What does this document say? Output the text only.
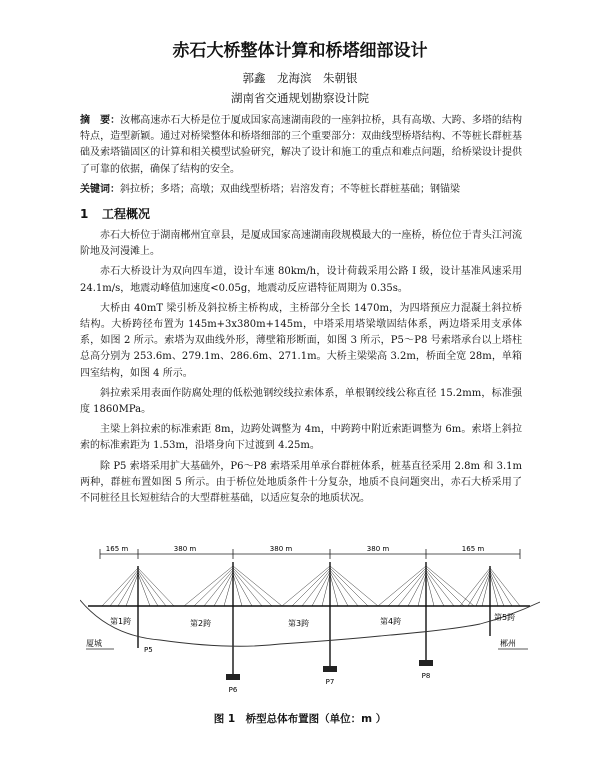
赤石大桥整体计算和桥塔细部设计
郭鑫　龙海滨　朱朝银
湖南省交通规划勘察设计院
摘　要：汝郴高速赤石大桥是位于厦成国家高速湖南段的一座斜拉桥，具有高墩、大跨、多塔的结构特点，造型新颖。通过对桥梁整体和桥塔细部的三个重要部分：双曲线型桥塔结构、不等桩长群桩基础及索塔锚固区的计算和相关模型试验研究，解决了设计和施工的重点和难点问题，给桥梁设计提供了可靠的依据，确保了结构的安全。
关键词：斜拉桥；多塔；高墩；双曲线型桥塔；岩溶发育；不等桩长群桩基础；钢锚梁
1 工程概况

赤石大桥位于湖南郴州宜章县，是厦成国家高速湖南段规模最大的一座桥，桥位位于青头江河流阶地及河漫滩上。

赤石大桥设计为双向四车道，设计车速 80km/h，设计荷载采用公路 I 级，设计基准风速采用 24.1m/s，地震动峰值加速度<0.05g，地震动反应谱特征周期为 0.35s。

大桥由 40mT 梁引桥及斜拉桥主桥构成，主桥部分全长 1470m，为四塔预应力混凝土斜拉桥结构。大桥跨径布置为 145m+3x380m+145m，中塔采用塔梁墩固结体系，两边塔采用支承体系，如图 2 所示。索塔为双曲线外形，薄壁箱形断面，如图 3 所示，P5～P8 号索塔承台以上塔柱总高分别为 253.6m、279.1m、286.6m、271.1m。大桥主梁梁高 3.2m，桥面全宽 28m，单箱四室结构，如图 4 所示。

斜拉索采用表面作防腐处理的低松弛钢绞线拉索体系，单根钢绞线公称直径 15.2mm，标准强度 1860MPa。

主梁上斜拉索的标准索距 8m，边跨处调整为 4m，中跨跨中附近索距调整为 6m。索塔上斜拉索的标准索距为 1.53m，沿塔身向下过渡到 4.25m。

除 P5 索塔采用扩大基础外，P6～P8 索塔采用单承台群桩体系，桩基直径采用 2.8m 和 3.1m 两种，群桩布置如图 5 所示。由于桥位处地质条件十分复杂，地质不良问题突出，赤石大桥采用了不同桩径且长短桩结合的大型群桩基础，以适应复杂的地质状况。

165 m	380 m	380 m	380 m	165 m
第1跨	第2跨	第3跨	第4跨	第5跨
P5
P6
P7
P8
厦城	郴州
图 1　桥型总体布置图（单位：m ）
